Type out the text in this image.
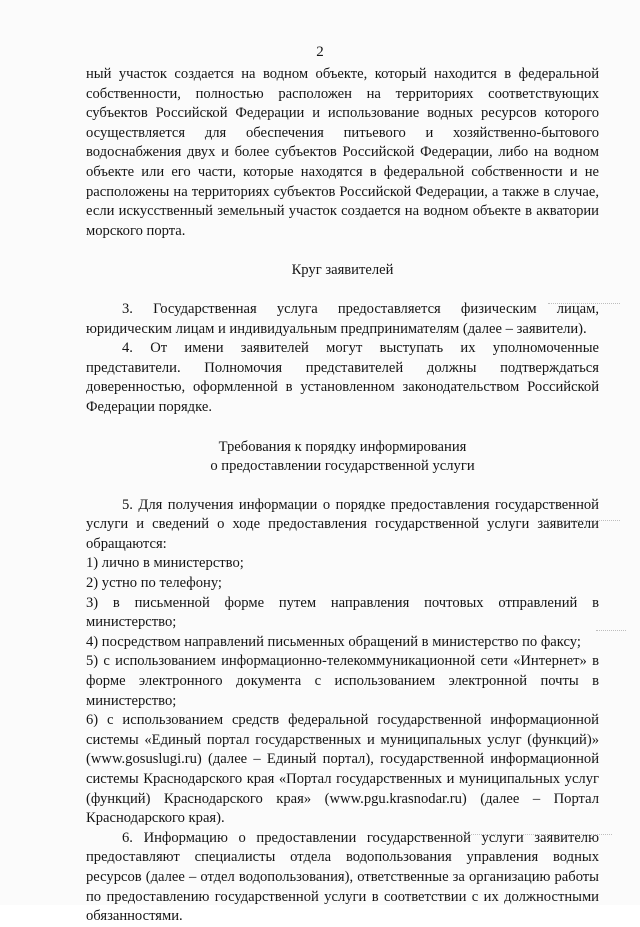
2

ный участок создается на водном объекте, который находится в федеральной собственности, полностью расположен на территориях соответствующих субъектов Российской Федерации и использование водных ресурсов которого осуществляется для обеспечения питьевого и хозяйственно-бытового водоснабжения двух и более субъектов Российской Федерации, либо на водном объекте или его части, которые находятся в федеральной собственности и не расположены на территориях субъектов Российской Федерации, а также в случае, если искусственный земельный участок создается на водном объекте в акватории морского порта.

Круг заявителей

3. Государственная услуга предоставляется физическим лицам, юридическим лицам и индивидуальным предпринимателям (далее – заявители).

4. От имени заявителей могут выступать их уполномоченные представители. Полномочия представителей должны подтверждаться доверенностью, оформленной в установленном законодательством Российской Федерации порядке.

Требования к порядку информирования

о предоставлении государственной услуги

5. Для получения информации о порядке предоставления государственной услуги и сведений о ходе предоставления государственной услуги заявители обращаются:

1) лично в министерство;

2) устно по телефону;

3) в письменной форме путем направления почтовых отправлений в министерство;

4) посредством направлений письменных обращений в министерство по факсу;

5) с использованием информационно-телекоммуникационной сети «Интернет» в форме электронного документа с использованием электронной почты в министерство;

6) с использованием средств федеральной государственной информационной системы «Единый портал государственных и муниципальных услуг (функций)» (www.gosuslugi.ru) (далее – Единый портал), государственной информационной системы Краснодарского края «Портал государственных и муниципальных услуг (функций) Краснодарского края» (www.pgu.krasnodar.ru) (далее – Портал Краснодарского края).

6. Информацию о предоставлении государственной услуги заявителю предоставляют специалисты отдела водопользования управления водных ресурсов (далее – отдел водопользования), ответственные за организацию работы по предоставлению государственной услуги в соответствии с их должностными обязанностями.
